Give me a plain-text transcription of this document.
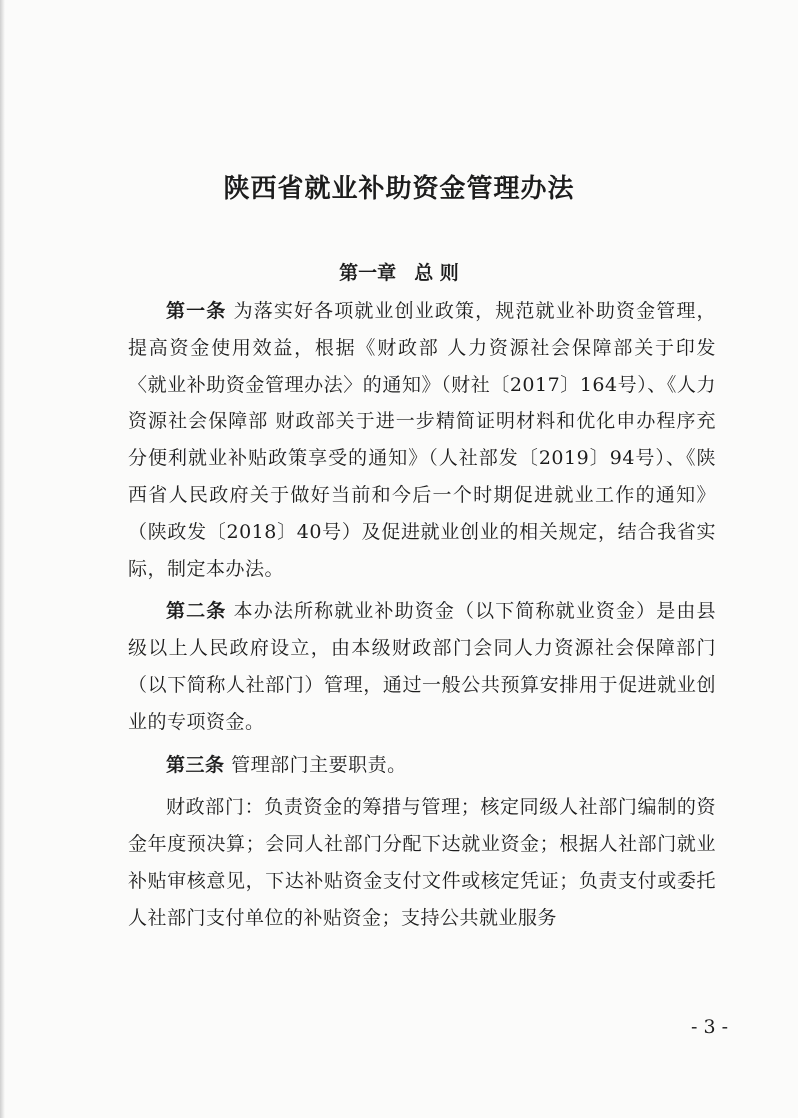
陕西省就业补助资金管理办法
第一章 总 则

第一条 为落实好各项就业创业政策，规范就业补助资金管理，提高资金使用效益，根据《财政部 人力资源社会保障部关于印发〈就业补助资金管理办法〉的通知》（财社〔2017〕164号）、《人力资源社会保障部 财政部关于进一步精简证明材料和优化申办程序充分便利就业补贴政策享受的通知》（人社部发〔2019〕94号）、《陕西省人民政府关于做好当前和今后一个时期促进就业工作的通知》（陕政发〔2018〕40号）及促进就业创业的相关规定，结合我省实际，制定本办法。

第二条 本办法所称就业补助资金（以下简称就业资金）是由县级以上人民政府设立，由本级财政部门会同人力资源社会保障部门（以下简称人社部门）管理，通过一般公共预算安排用于促进就业创业的专项资金。

第三条 管理部门主要职责。

财政部门：负责资金的筹措与管理；核定同级人社部门编制的资金年度预决算；会同人社部门分配下达就业资金；根据人社部门就业补贴审核意见，下达补贴资金支付文件或核定凭证；负责支付或委托人社部门支付单位的补贴资金；支持公共就业服务

- 3 -
